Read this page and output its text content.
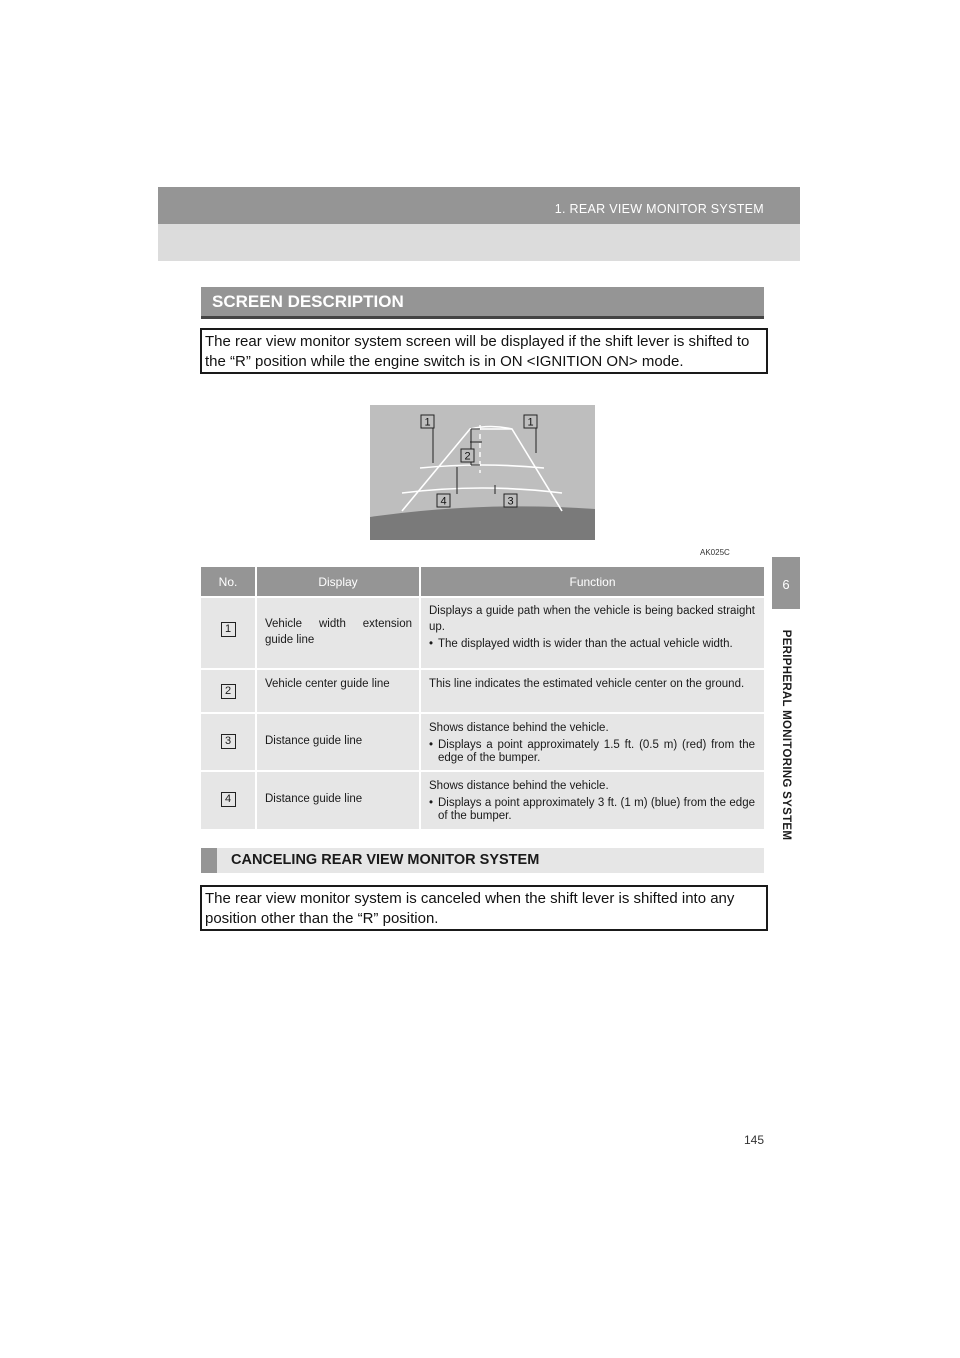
1. REAR VIEW MONITOR SYSTEM
6
PERIPHERAL MONITORING SYSTEM
SCREEN DESCRIPTION
The rear view monitor system screen will be displayed if the shift lever is shifted to the “R” position while the engine switch is in ON <IGNITION ON> mode.
1	1
2
4	3
AK025C
No.	Display	Function
1	Vehicle width extension guide line	Displays a guide path when the vehicle is being backed straight up.
• The displayed width is wider than the actual vehicle width.

2	Vehicle center guide line	This line indicates the estimated vehicle center on the ground.

3	Distance guide line	Shows distance behind the vehicle.
• Displays a point approximately 1.5 ft. (0.5 m) (red) from the edge of the bumper.

4	Distance guide line	Shows distance behind the vehicle.
• Displays a point approximately 3 ft. (1 m) (blue) from the edge of the bumper.
CANCELING REAR VIEW MONITOR SYSTEM
The rear view monitor system is canceled when the shift lever is shifted into any position other than the “R” position.
145
